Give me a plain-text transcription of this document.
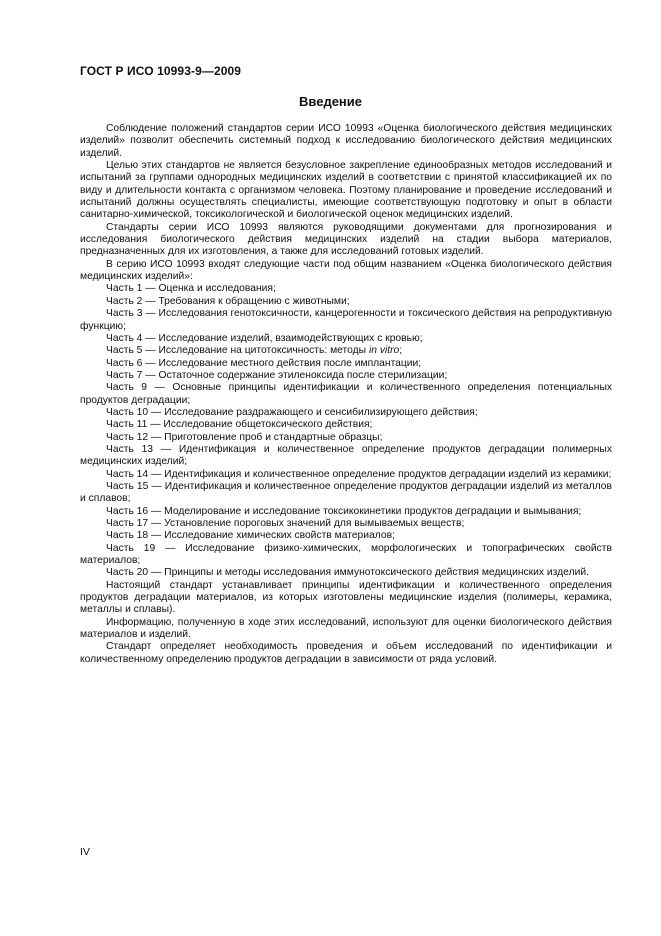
ГОСТ Р ИСО 10993-9—2009
Введение

Соблюдение положений стандартов серии ИСО 10993 «Оценка биологического действия медицинских изделий» позволит обеспечить системный подход к исследованию биологического действия медицинских изделий.

Целью этих стандартов не является безусловное закрепление единообразных методов исследований и испытаний за группами однородных медицинских изделий в соответствии с принятой классификацией их по виду и длительности контакта с организмом человека. Поэтому планирование и проведение исследований и испытаний должны осуществлять специалисты, имеющие соответствующую подготовку и опыт в области санитарно-химической, токсикологической и биологической оценок медицинских изделий.

Стандарты серии ИСО 10993 являются руководящими документами для прогнозирования и исследования биологического действия медицинских изделий на стадии выбора материалов, предназначенных для их изготовления, а также для исследований готовых изделий.

В серию ИСО 10993 входят следующие части под общим названием «Оценка биологического действия медицинских изделий»:

Часть 1 — Оценка и исследования;

Часть 2 — Требования к обращению с животными;

Часть 3 — Исследования генотоксичности, канцерогенности и токсического действия на репродуктивную функцию;

Часть 4 — Исследование изделий, взаимодействующих с кровью;

Часть 5 — Исследование на цитотоксичность: методы in vitro;

Часть 6 — Исследование местного действия после имплантации;

Часть 7 — Остаточное содержание этиленоксида после стерилизации;

Часть 9 — Основные принципы идентификации и количественного определения потенциальных продуктов деградации;

Часть 10 — Исследование раздражающего и сенсибилизирующего действия;

Часть 11 — Исследование общетоксического действия;

Часть 12 — Приготовление проб и стандартные образцы;

Часть 13 — Идентификация и количественное определение продуктов деградации полимерных медицинских изделий;

Часть 14 — Идентификация и количественное определение продуктов деградации изделий из керамики;

Часть 15 — Идентификация и количественное определение продуктов деградации изделий из металлов и сплавов;

Часть 16 — Моделирование и исследование токсикокинетики продуктов деградации и вымывания;

Часть 17 — Установление пороговых значений для вымываемых веществ;

Часть 18 — Исследование химических свойств материалов;

Часть 19 — Исследование физико-химических, морфологических и топографических свойств материалов;

Часть 20 — Принципы и методы исследования иммунотоксического действия медицинских изделий.

Настоящий стандарт устанавливает принципы идентификации и количественного определения продуктов деградации материалов, из которых изготовлены медицинские изделия (полимеры, керамика, металлы и сплавы).

Информацию, полученную в ходе этих исследований, используют для оценки биологического действия материалов и изделий.

Стандарт определяет необходимость проведения и объем исследований по идентификации и количественному определению продуктов деградации в зависимости от ряда условий.

IV
